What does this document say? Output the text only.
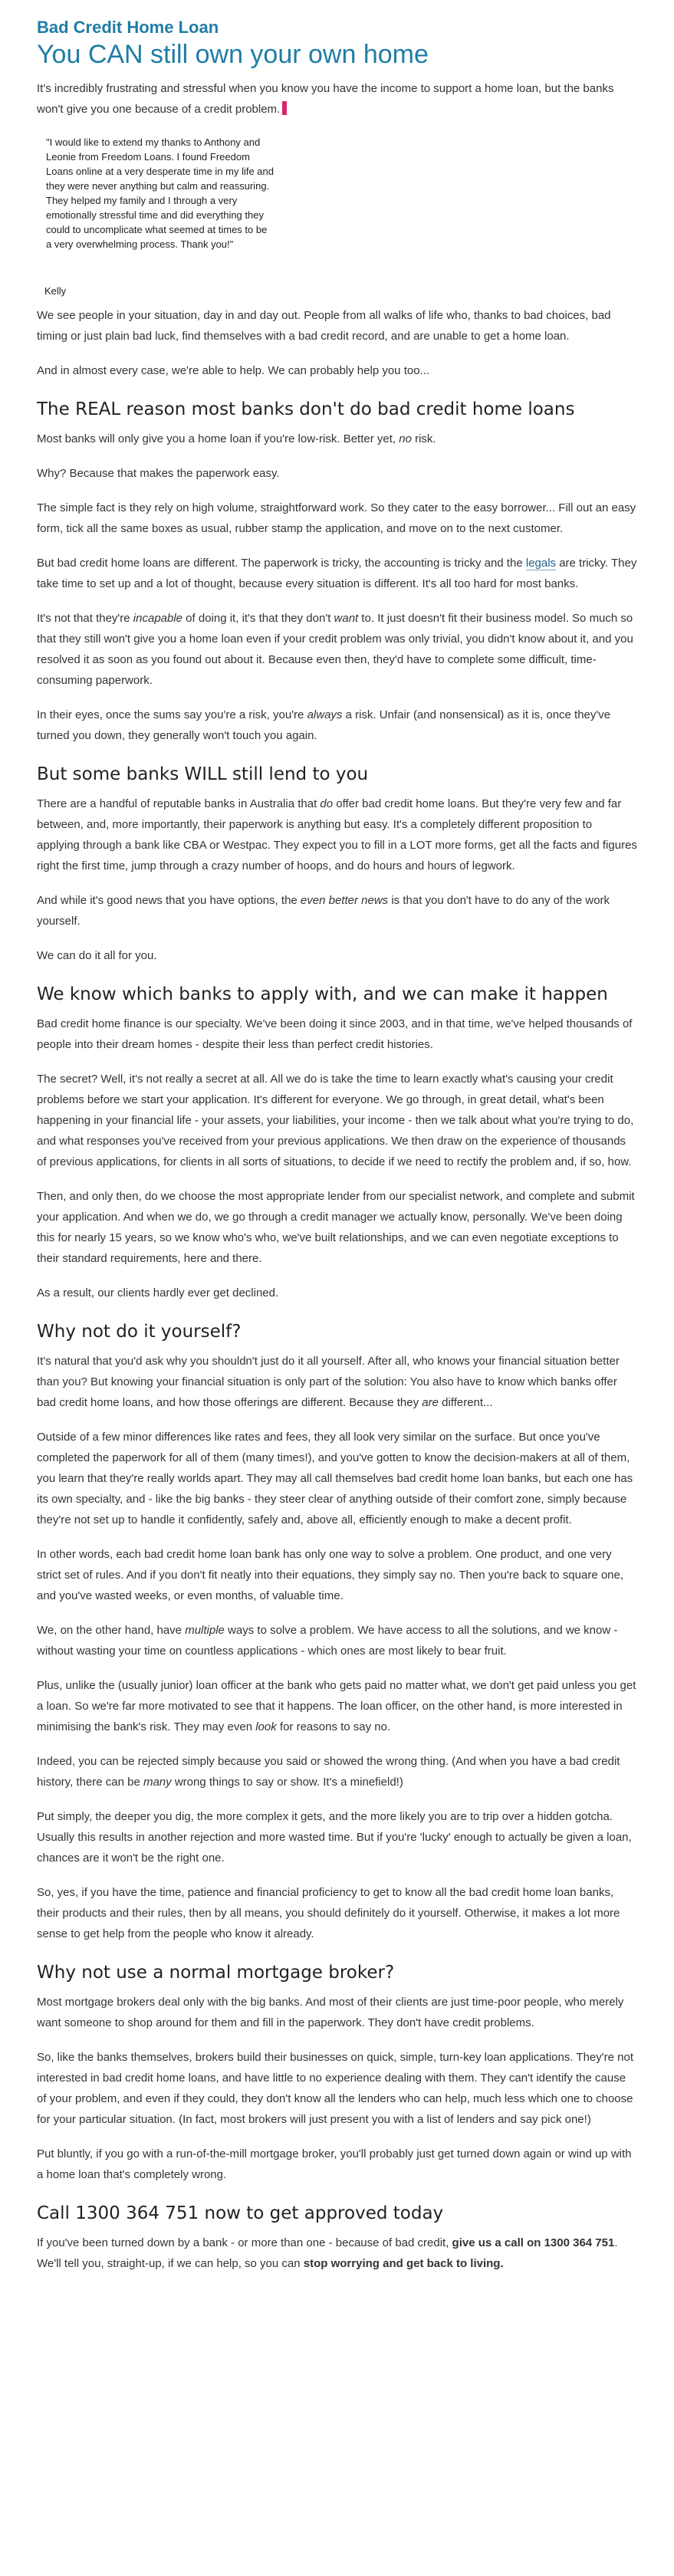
Bad Credit Home Loan
You CAN still own your own home

It's incredibly frustrating and stressful when you know you have the income to support a home loan, but the banks won't give you one because of a credit problem.

"I would like to extend my thanks to Anthony and Leonie from Freedom Loans. I found Freedom Loans online at a very desperate time in my life and they were never anything but calm and reassuring. They helped my family and I through a very emotionally stressful time and did everything they could to uncomplicate what seemed at times to be a very overwhelming process. Thank you!"
Kelly

We see people in your situation, day in and day out. People from all walks of life who, thanks to bad choices, bad timing or just plain bad luck, find themselves with a bad credit record, and are unable to get a home loan.

And in almost every case, we're able to help. We can probably help you too...

The REAL reason most banks don't do bad credit home loans

Most banks will only give you a home loan if you're low-risk. Better yet, no risk.

Why? Because that makes the paperwork easy.

The simple fact is they rely on high volume, straightforward work. So they cater to the easy borrower... Fill out an easy form, tick all the same boxes as usual, rubber stamp the application, and move on to the next customer.

But bad credit home loans are different. The paperwork is tricky, the accounting is tricky and the legals are tricky. They take time to set up and a lot of thought, because every situation is different. It's all too hard for most banks.

It's not that they're incapable of doing it, it's that they don't want to. It just doesn't fit their business model. So much so that they still won't give you a home loan even if your credit problem was only trivial, you didn't know about it, and you resolved it as soon as you found out about it. Because even then, they'd have to complete some difficult, time-consuming paperwork.

In their eyes, once the sums say you're a risk, you're always a risk. Unfair (and nonsensical) as it is, once they've turned you down, they generally won't touch you again.

But some banks WILL still lend to you

There are a handful of reputable banks in Australia that do offer bad credit home loans. But they're very few and far between, and, more importantly, their paperwork is anything but easy. It's a completely different proposition to applying through a bank like CBA or Westpac. They expect you to fill in a LOT more forms, get all the facts and figures right the first time, jump through a crazy number of hoops, and do hours and hours of legwork.

And while it's good news that you have options, the even better news is that you don't have to do any of the work yourself.

We can do it all for you.

We know which banks to apply with, and we can make it happen

Bad credit home finance is our specialty. We've been doing it since 2003, and in that time, we've helped thousands of people into their dream homes - despite their less than perfect credit histories.

The secret? Well, it's not really a secret at all. All we do is take the time to learn exactly what's causing your credit problems before we start your application. It's different for everyone. We go through, in great detail, what's been happening in your financial life - your assets, your liabilities, your income - then we talk about what you're trying to do, and what responses you've received from your previous applications. We then draw on the experience of thousands of previous applications, for clients in all sorts of situations, to decide if we need to rectify the problem and, if so, how.

Then, and only then, do we choose the most appropriate lender from our specialist network, and complete and submit your application. And when we do, we go through a credit manager we actually know, personally. We've been doing this for nearly 15 years, so we know who's who, we've built relationships, and we can even negotiate exceptions to their standard requirements, here and there.

As a result, our clients hardly ever get declined.

Why not do it yourself?

It's natural that you'd ask why you shouldn't just do it all yourself. After all, who knows your financial situation better than you? But knowing your financial situation is only part of the solution: You also have to know which banks offer bad credit home loans, and how those offerings are different. Because they are different...

Outside of a few minor differences like rates and fees, they all look very similar on the surface. But once you've completed the paperwork for all of them (many times!), and you've gotten to know the decision-makers at all of them, you learn that they're really worlds apart. They may all call themselves bad credit home loan banks, but each one has its own specialty, and - like the big banks - they steer clear of anything outside of their comfort zone, simply because they're not set up to handle it confidently, safely and, above all, efficiently enough to make a decent profit.

In other words, each bad credit home loan bank has only one way to solve a problem. One product, and one very strict set of rules. And if you don't fit neatly into their equations, they simply say no. Then you're back to square one, and you've wasted weeks, or even months, of valuable time.

We, on the other hand, have multiple ways to solve a problem. We have access to all the solutions, and we know - without wasting your time on countless applications - which ones are most likely to bear fruit.

Plus, unlike the (usually junior) loan officer at the bank who gets paid no matter what, we don't get paid unless you get a loan. So we're far more motivated to see that it happens. The loan officer, on the other hand, is more interested in minimising the bank's risk. They may even look for reasons to say no.

Indeed, you can be rejected simply because you said or showed the wrong thing. (And when you have a bad credit history, there can be many wrong things to say or show. It's a minefield!)

Put simply, the deeper you dig, the more complex it gets, and the more likely you are to trip over a hidden gotcha. Usually this results in another rejection and more wasted time. But if you're 'lucky' enough to actually be given a loan, chances are it won't be the right one.

So, yes, if you have the time, patience and financial proficiency to get to know all the bad credit home loan banks, their products and their rules, then by all means, you should definitely do it yourself. Otherwise, it makes a lot more sense to get help from the people who know it already.

Why not use a normal mortgage broker?

Most mortgage brokers deal only with the big banks. And most of their clients are just time-poor people, who merely want someone to shop around for them and fill in the paperwork. They don't have credit problems.

So, like the banks themselves, brokers build their businesses on quick, simple, turn-key loan applications. They're not interested in bad credit home loans, and have little to no experience dealing with them. They can't identify the cause of your problem, and even if they could, they don't know all the lenders who can help, much less which one to choose for your particular situation. (In fact, most brokers will just present you with a list of lenders and say pick one!)

Put bluntly, if you go with a run-of-the-mill mortgage broker, you'll probably just get turned down again or wind up with a home loan that's completely wrong.

Call 1300 364 751 now to get approved today

If you've been turned down by a bank - or more than one - because of bad credit, give us a call on 1300 364 751. We'll tell you, straight-up, if we can help, so you can stop worrying and get back to living.
